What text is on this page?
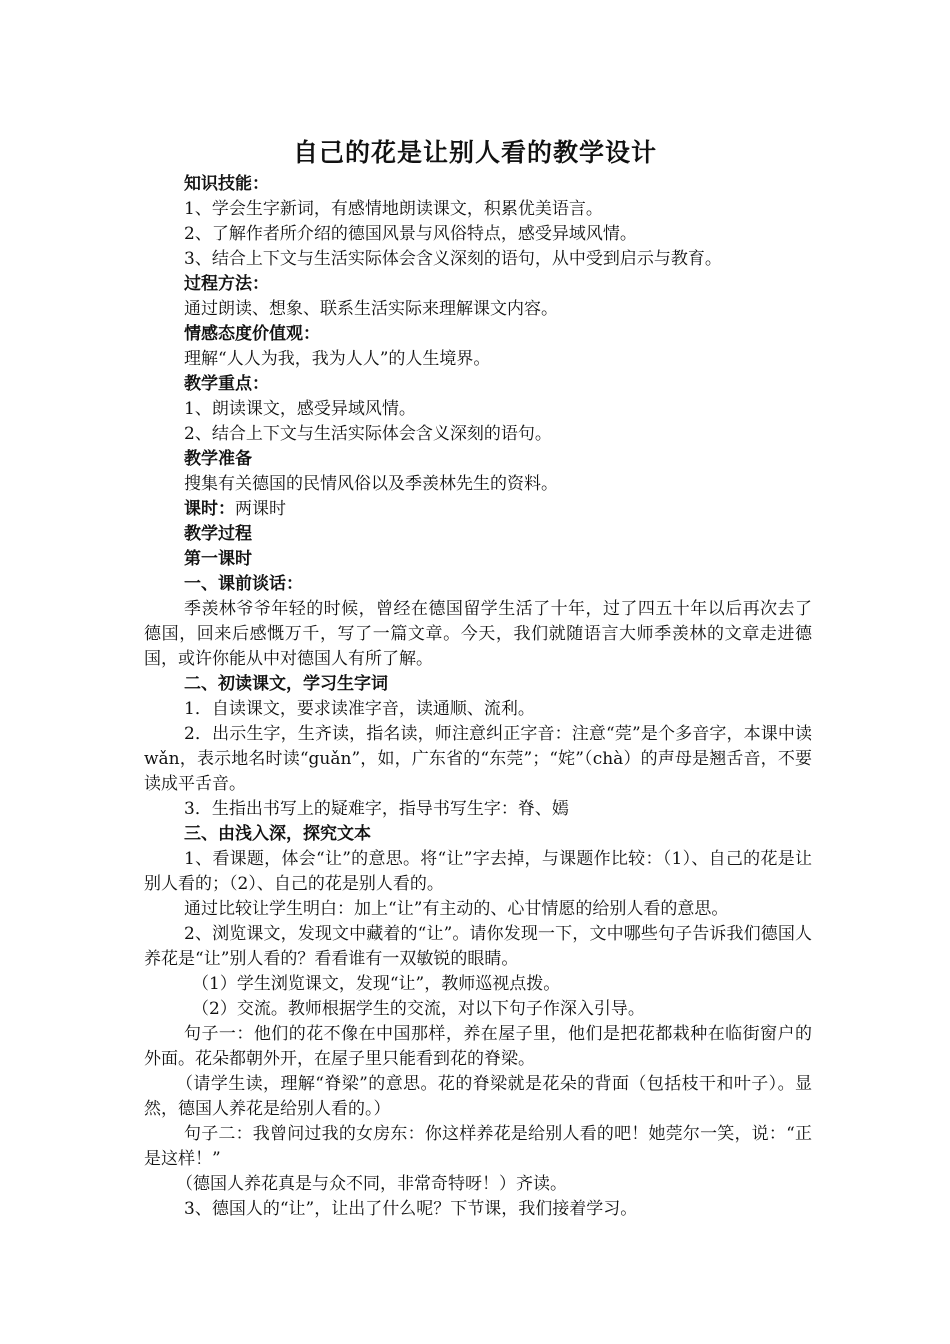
自己的花是让别人看的教学设计
知识技能：
1、学会生字新词，有感情地朗读课文，积累优美语言。
2、了解作者所介绍的德国风景与风俗特点，感受异域风情。
3、结合上下文与生活实际体会含义深刻的语句，从中受到启示与教育。
过程方法：
通过朗读、想象、联系生活实际来理解课文内容。
情感态度价值观：
理解“人人为我，我为人人”的人生境界。
教学重点：
1、朗读课文，感受异域风情。
2、结合上下文与生活实际体会含义深刻的语句。
教学准备
搜集有关德国的民情风俗以及季羡林先生的资料。
课时：两课时
教学过程
第一课时
一、课前谈话：
季羡林爷爷年轻的时候，曾经在德国留学生活了十年，过了四五十年以后再次去了德国，回来后感慨万千，写了一篇文章。今天，我们就随语言大师季羡林的文章走进德国，或许你能从中对德国人有所了解。
二、初读课文，学习生字词
1．自读课文，要求读准字音，读通顺、流利。
2．出示生字，生齐读，指名读，师注意纠正字音：注意“莞”是个多音字，本课中读wǎn，表示地名时读“guǎn”，如，广东省的“东莞”；“姹”（chà）的声母是翘舌音，不要读成平舌音。
3．生指出书写上的疑难字，指导书写生字：脊、嫣
三、由浅入深，探究文本
1、看课题，体会“让”的意思。将“让”字去掉，与课题作比较：（1）、自己的花是让别人看的；（2）、自己的花是别人看的。
通过比较让学生明白：加上“让”有主动的、心甘情愿的给别人看的意思。
2、浏览课文，发现文中藏着的“让”。请你发现一下，文中哪些句子告诉我们德国人养花是“让”别人看的？看看谁有一双敏锐的眼睛。
（1）学生浏览课文，发现“让”，教师巡视点拨。
（2）交流。教师根据学生的交流，对以下句子作深入引导。
句子一：他们的花不像在中国那样，养在屋子里，他们是把花都栽种在临街窗户的外面。花朵都朝外开，在屋子里只能看到花的脊梁。
（请学生读，理解“脊梁”的意思。花的脊梁就是花朵的背面（包括枝干和叶子）。显然，德国人养花是给别人看的。）
句子二：我曾问过我的女房东：你这样养花是给别人看的吧！她莞尔一笑，说：“正是这样！”
（德国人养花真是与众不同，非常奇特呀！）齐读。
3、德国人的“让”，让出了什么呢？下节课，我们接着学习。
